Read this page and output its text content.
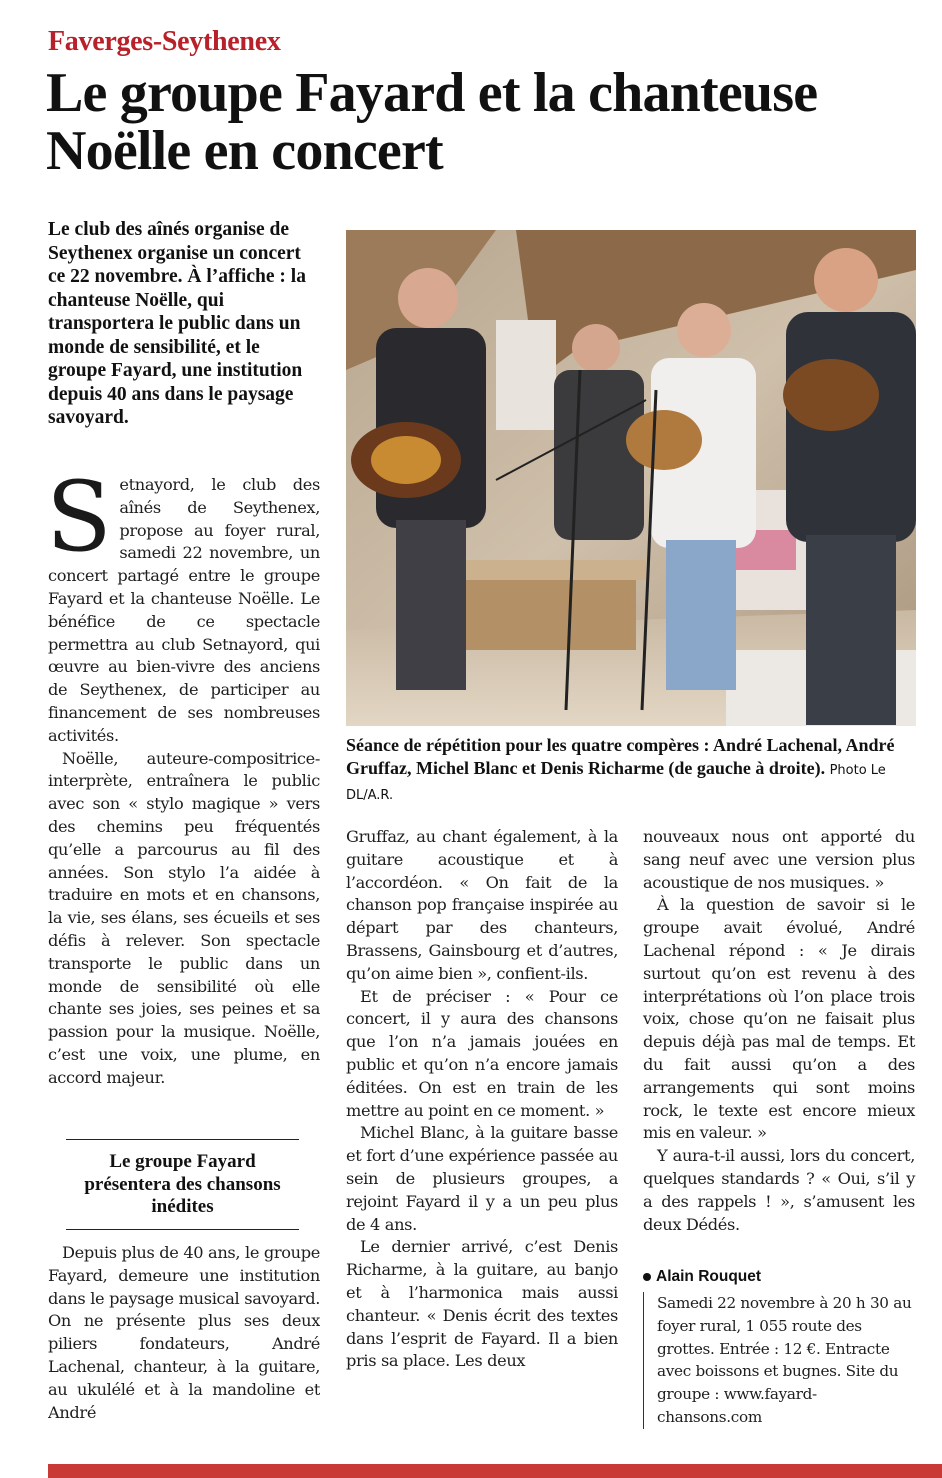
Faverges-Seythenex
Le groupe Fayard et la chanteuse Noëlle en concert
Le club des aînés organise de Seythenex organise un concert ce 22 novembre. À l’affiche : la chanteuse Noëlle, qui transportera le public dans un monde de sensibilité, et le groupe Fayard, une institution depuis 40 ans dans le paysage savoyard.
Séance de répétition pour les quatre compères : André Lachenal, André Gruffaz, Michel Blanc et Denis Richarme (de gauche à droite). Photo Le DL/A.R.

Setnayord, le club des aînés de Seythenex, propose au foyer rural, samedi 22 novembre, un concert partagé entre le groupe Fayard et la chanteuse Noëlle. Le bénéfice de ce spectacle permettra au club Setnayord, qui œuvre au bien-vivre des anciens de Seythenex, de participer au financement de ses nombreuses activités.

Noëlle, auteure-compositrice-interprète, entraînera le public avec son « stylo magique » vers des chemins peu fréquentés qu’elle a parcourus au fil des années. Son stylo l’a aidée à traduire en mots et en chansons, la vie, ses élans, ses écueils et ses défis à relever. Son spectacle transporte le public dans un monde de sensibilité où elle chante ses joies, ses peines et sa passion pour la musique. Noëlle, c’est une voix, une plume, en accord majeur.

Le groupe Fayard présentera des chansons inédites

Depuis plus de 40 ans, le groupe Fayard, demeure une institution dans le paysage musical savoyard. On ne présente plus ses deux piliers fondateurs, André Lachenal, chanteur, à la guitare, au ukulélé et à la mandoline et André

Gruffaz, au chant également, à la guitare acoustique et à l’accordéon. « On fait de la chanson pop française inspirée au départ par des chanteurs, Brassens, Gainsbourg et d’autres, qu’on aime bien », confient-ils.

Et de préciser : « Pour ce concert, il y aura des chansons que l’on n’a jamais jouées en public et qu’on n’a encore jamais éditées. On est en train de les mettre au point en ce moment. »

Michel Blanc, à la guitare basse et fort d’une expérience passée au sein de plusieurs groupes, a rejoint Fayard il y a un peu plus de 4 ans.

Le dernier arrivé, c’est Denis Richarme, à la guitare, au banjo et à l’harmonica mais aussi chanteur. « Denis écrit des textes dans l’esprit de Fayard. Il a bien pris sa place. Les deux

nouveaux nous ont apporté du sang neuf avec une version plus acoustique de nos musiques. »

À la question de savoir si le groupe avait évolué, André Lachenal répond : « Je dirais surtout qu’on est revenu à des interprétations où l’on place trois voix, chose qu’on ne faisait plus depuis déjà pas mal de temps. Et du fait aussi qu’on a des arrangements qui sont moins rock, le texte est encore mieux mis en valeur. »

Y aura-t-il aussi, lors du concert, quelques standards ? « Oui, s’il y a des rappels ! », s’amusent les deux Dédés.

Alain Rouquet
Samedi 22 novembre à 20 h 30 au foyer rural, 1 055 route des grottes. Entrée : 12 €. Entracte avec boissons et bugnes. Site du groupe : www.fayard-chansons.com
